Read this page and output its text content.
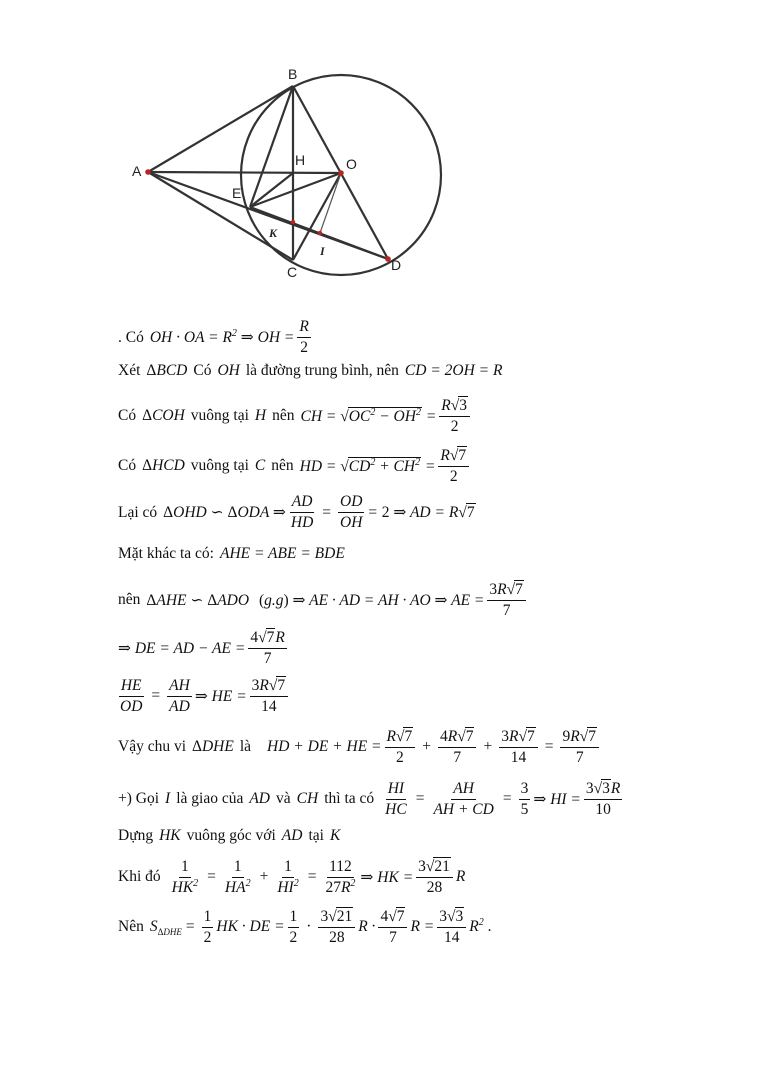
A
B
H	O
E
C	D
K
I
. Có OH · OA = $R^2$ ⇒ OH = $\frac{R}{2}$
Xét ΔBCD Có OH là đường trung bình, nên CD = 2OH = R
Có ΔCOH vuông tại H nên CH = $√OC^2 - OH^2 = \frac{R√3}{2}$
Có ΔHCD vuông tại C nên HD = $√CD^2 + CH^2 = \frac{R√7}{2}$
Lại có ΔOHD ∽ ΔODA ⇒ $\frac{AD}{HD} = \frac{OD}{OH} = 2$ ⇒ AD = R√7
Mặt khác ta có: AHE = ABE = BDE
nên ΔAHE ∽ ΔADO (g.g) ⇒ AE · AD = AH · AO ⇒ AE = $\frac{3R√7}{7}$
⇒ DE = AD − AE = $\frac{4√7R}{7}$
$\frac{HE}{OD} = \frac{AH}{AD}$ ⇒ HE = $\frac{3R√7}{14}$
Vậy chu vi ΔDHE là HD + DE + HE = $\frac{R√7}{2} + \frac{4R√7}{7} + \frac{3R√7}{14} = \frac{9R√7}{7}$
+) Gọi I là giao của AD và CH thì ta có $\frac{HI}{HC} = \frac{AH}{AH + CD} = \frac{3}{5}$ ⇒ HI = $\frac{3√3R}{10}$
Dựng HK vuông góc với AD tại K
Khi đó $\frac{1}{HK^2} = \frac{1}{HA^2} + \frac{1}{HI^2} = \frac{112}{27R^2}$ ⇒ HK = $\frac{3√21}{28}$ R
Nên $S_{\Delta DHE} = \frac{1}{2}$ HK · DE = $\frac{1}{2} \cdot \frac{3√21}{28}$ $R \cdot \frac{4√7}{7}$ $R = \frac{3√3}{14} R^2$ .
